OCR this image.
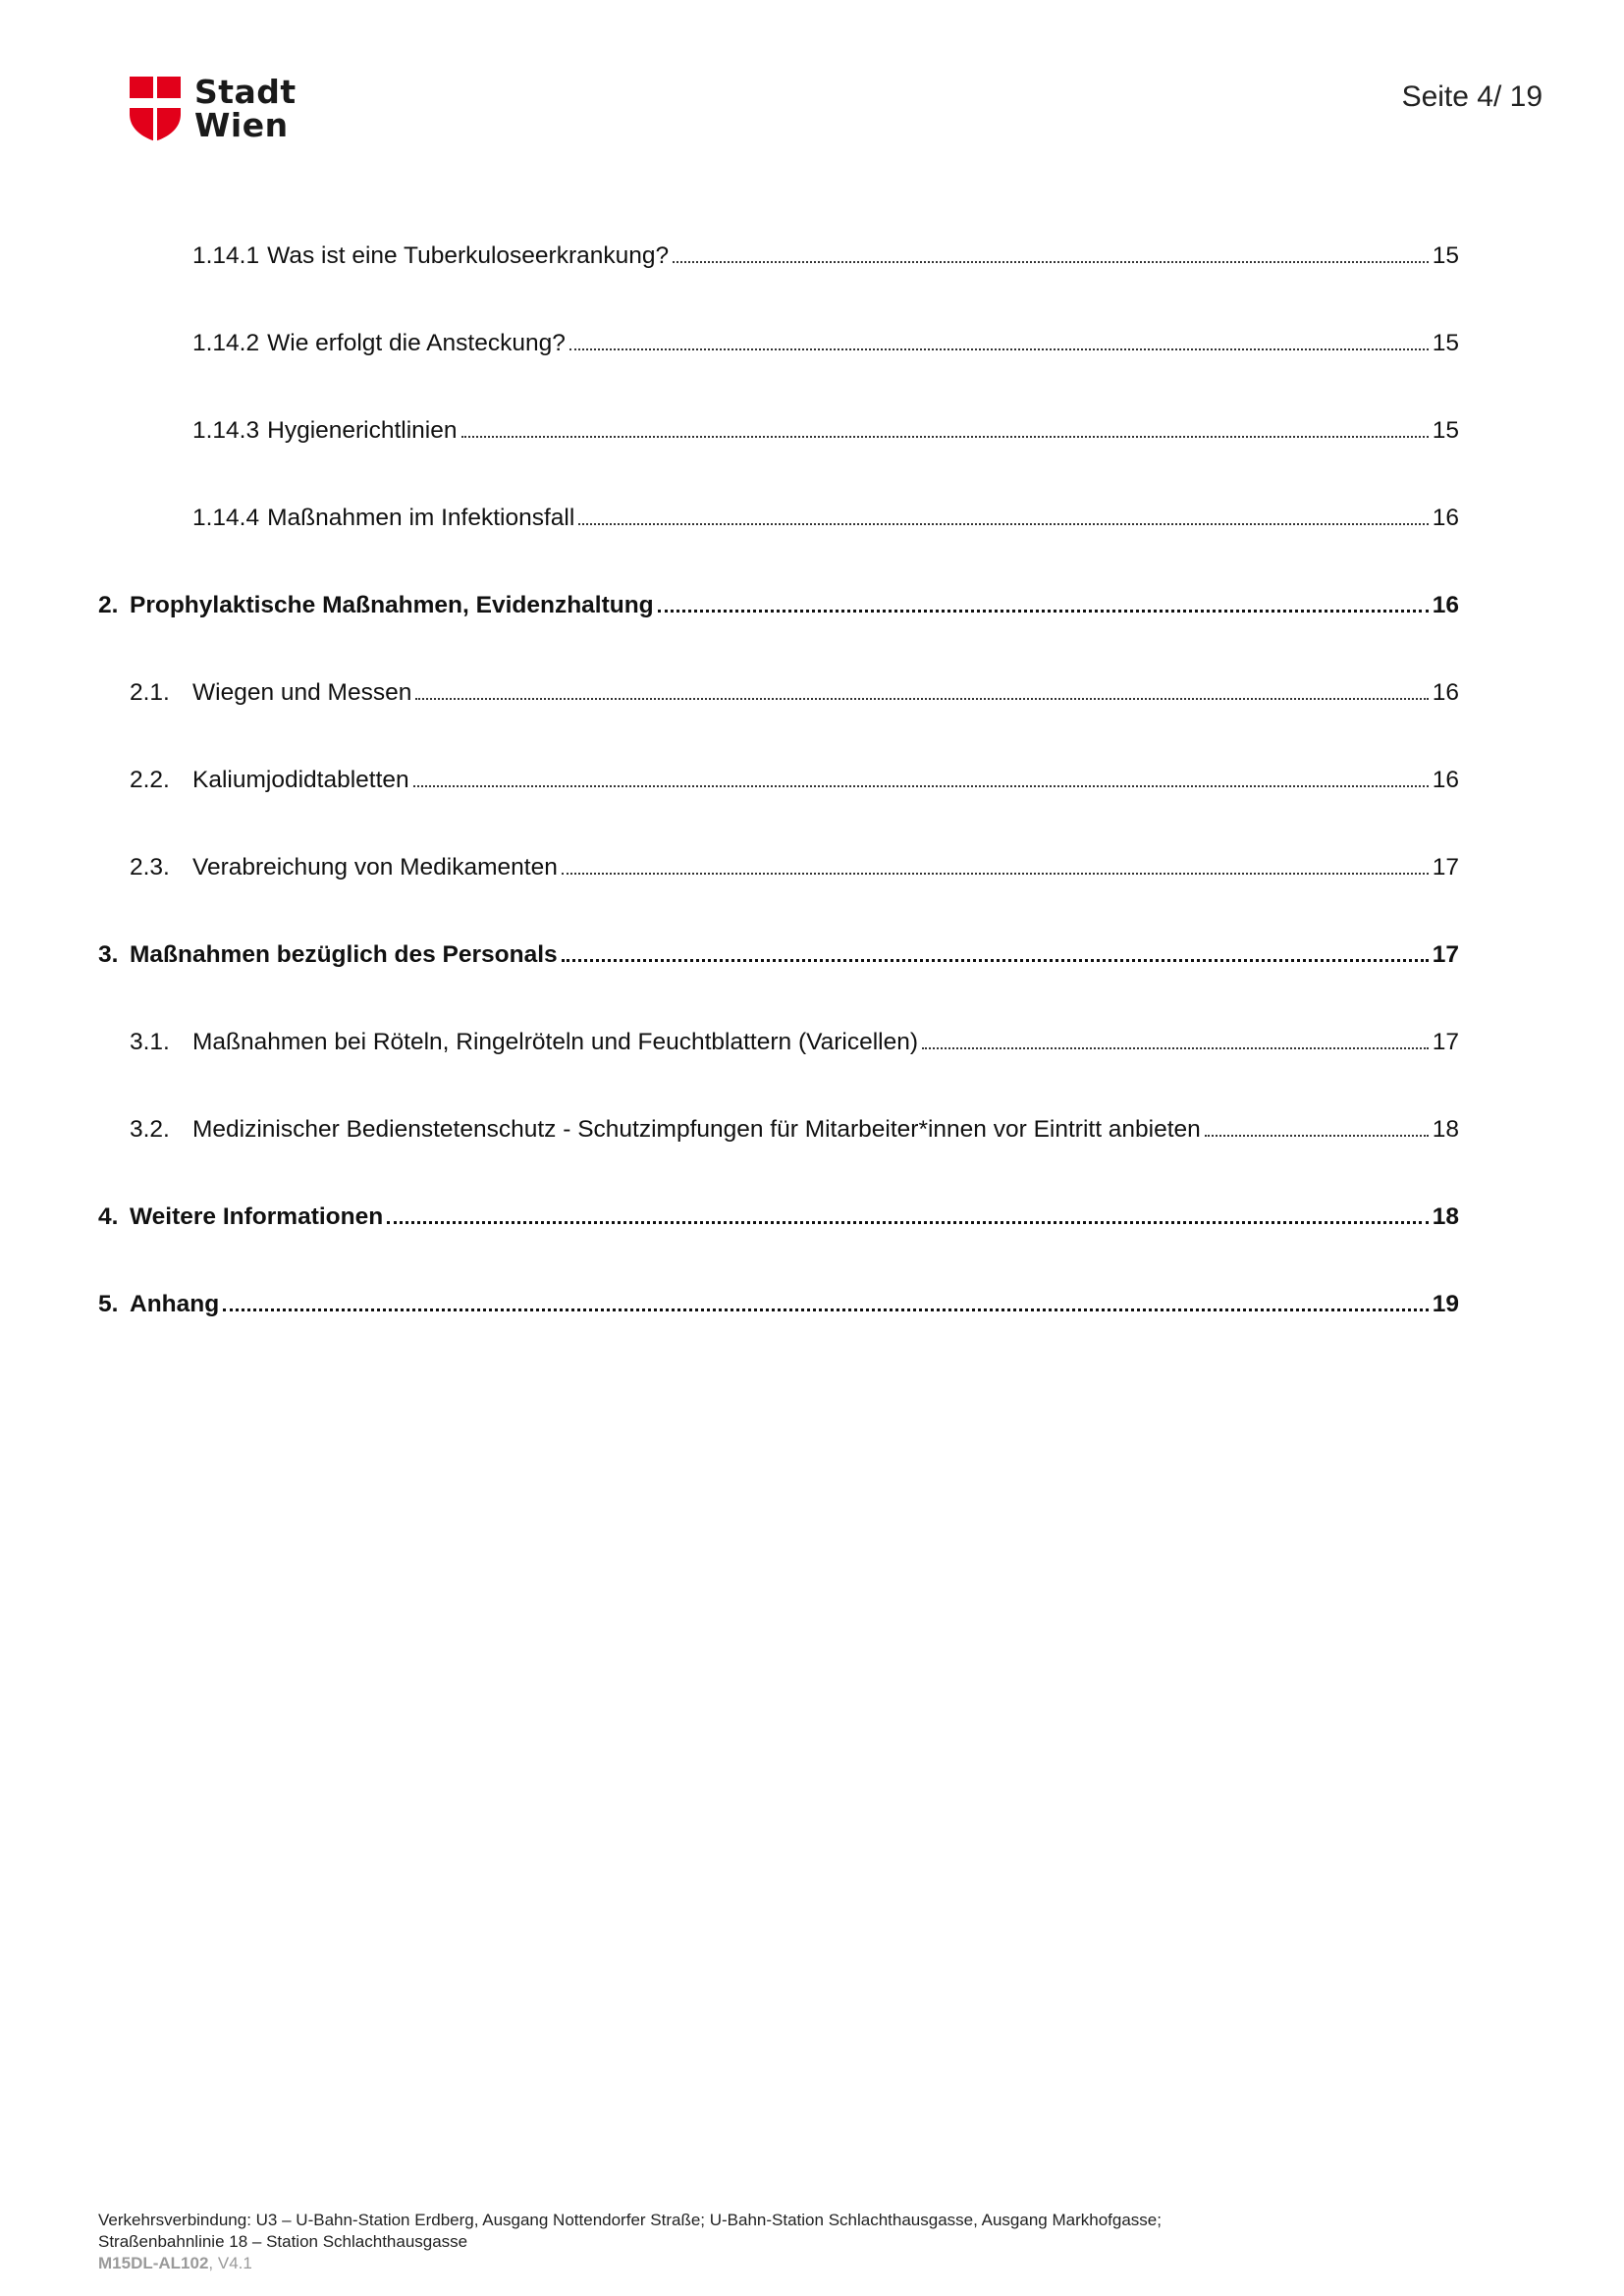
Stadt
Wien
Seite 4/ 19
1.14.1 Was ist eine Tuberkuloseerkrankung?	15
1.14.2 Wie erfolgt die Ansteckung?	15
1.14.3 Hygienerichtlinien	15
1.14.4 Maßnahmen im Infektionsfall	16
2. Prophylaktische Maßnahmen, Evidenzhaltung	16
2.1. Wiegen und Messen	16
2.2. Kaliumjodidtabletten	16
2.3. Verabreichung von Medikamenten	17
3. Maßnahmen bezüglich des Personals	17
3.1. Maßnahmen bei Röteln, Ringelröteln und Feuchtblattern (Varicellen)	17
3.2. Medizinischer Bedienstetenschutz - Schutzimpfungen für Mitarbeiter*innen vor Eintritt anbieten	18
4. Weitere Informationen	18
5. Anhang	19
Verkehrsverbindung: U3 – U-Bahn-Station Erdberg, Ausgang Nottendorfer Straße; U-Bahn-Station Schlachthausgasse, Ausgang Markhofgasse;
Straßenbahnlinie 18 – Station Schlachthausgasse
M15DL-AL102, V4.1
